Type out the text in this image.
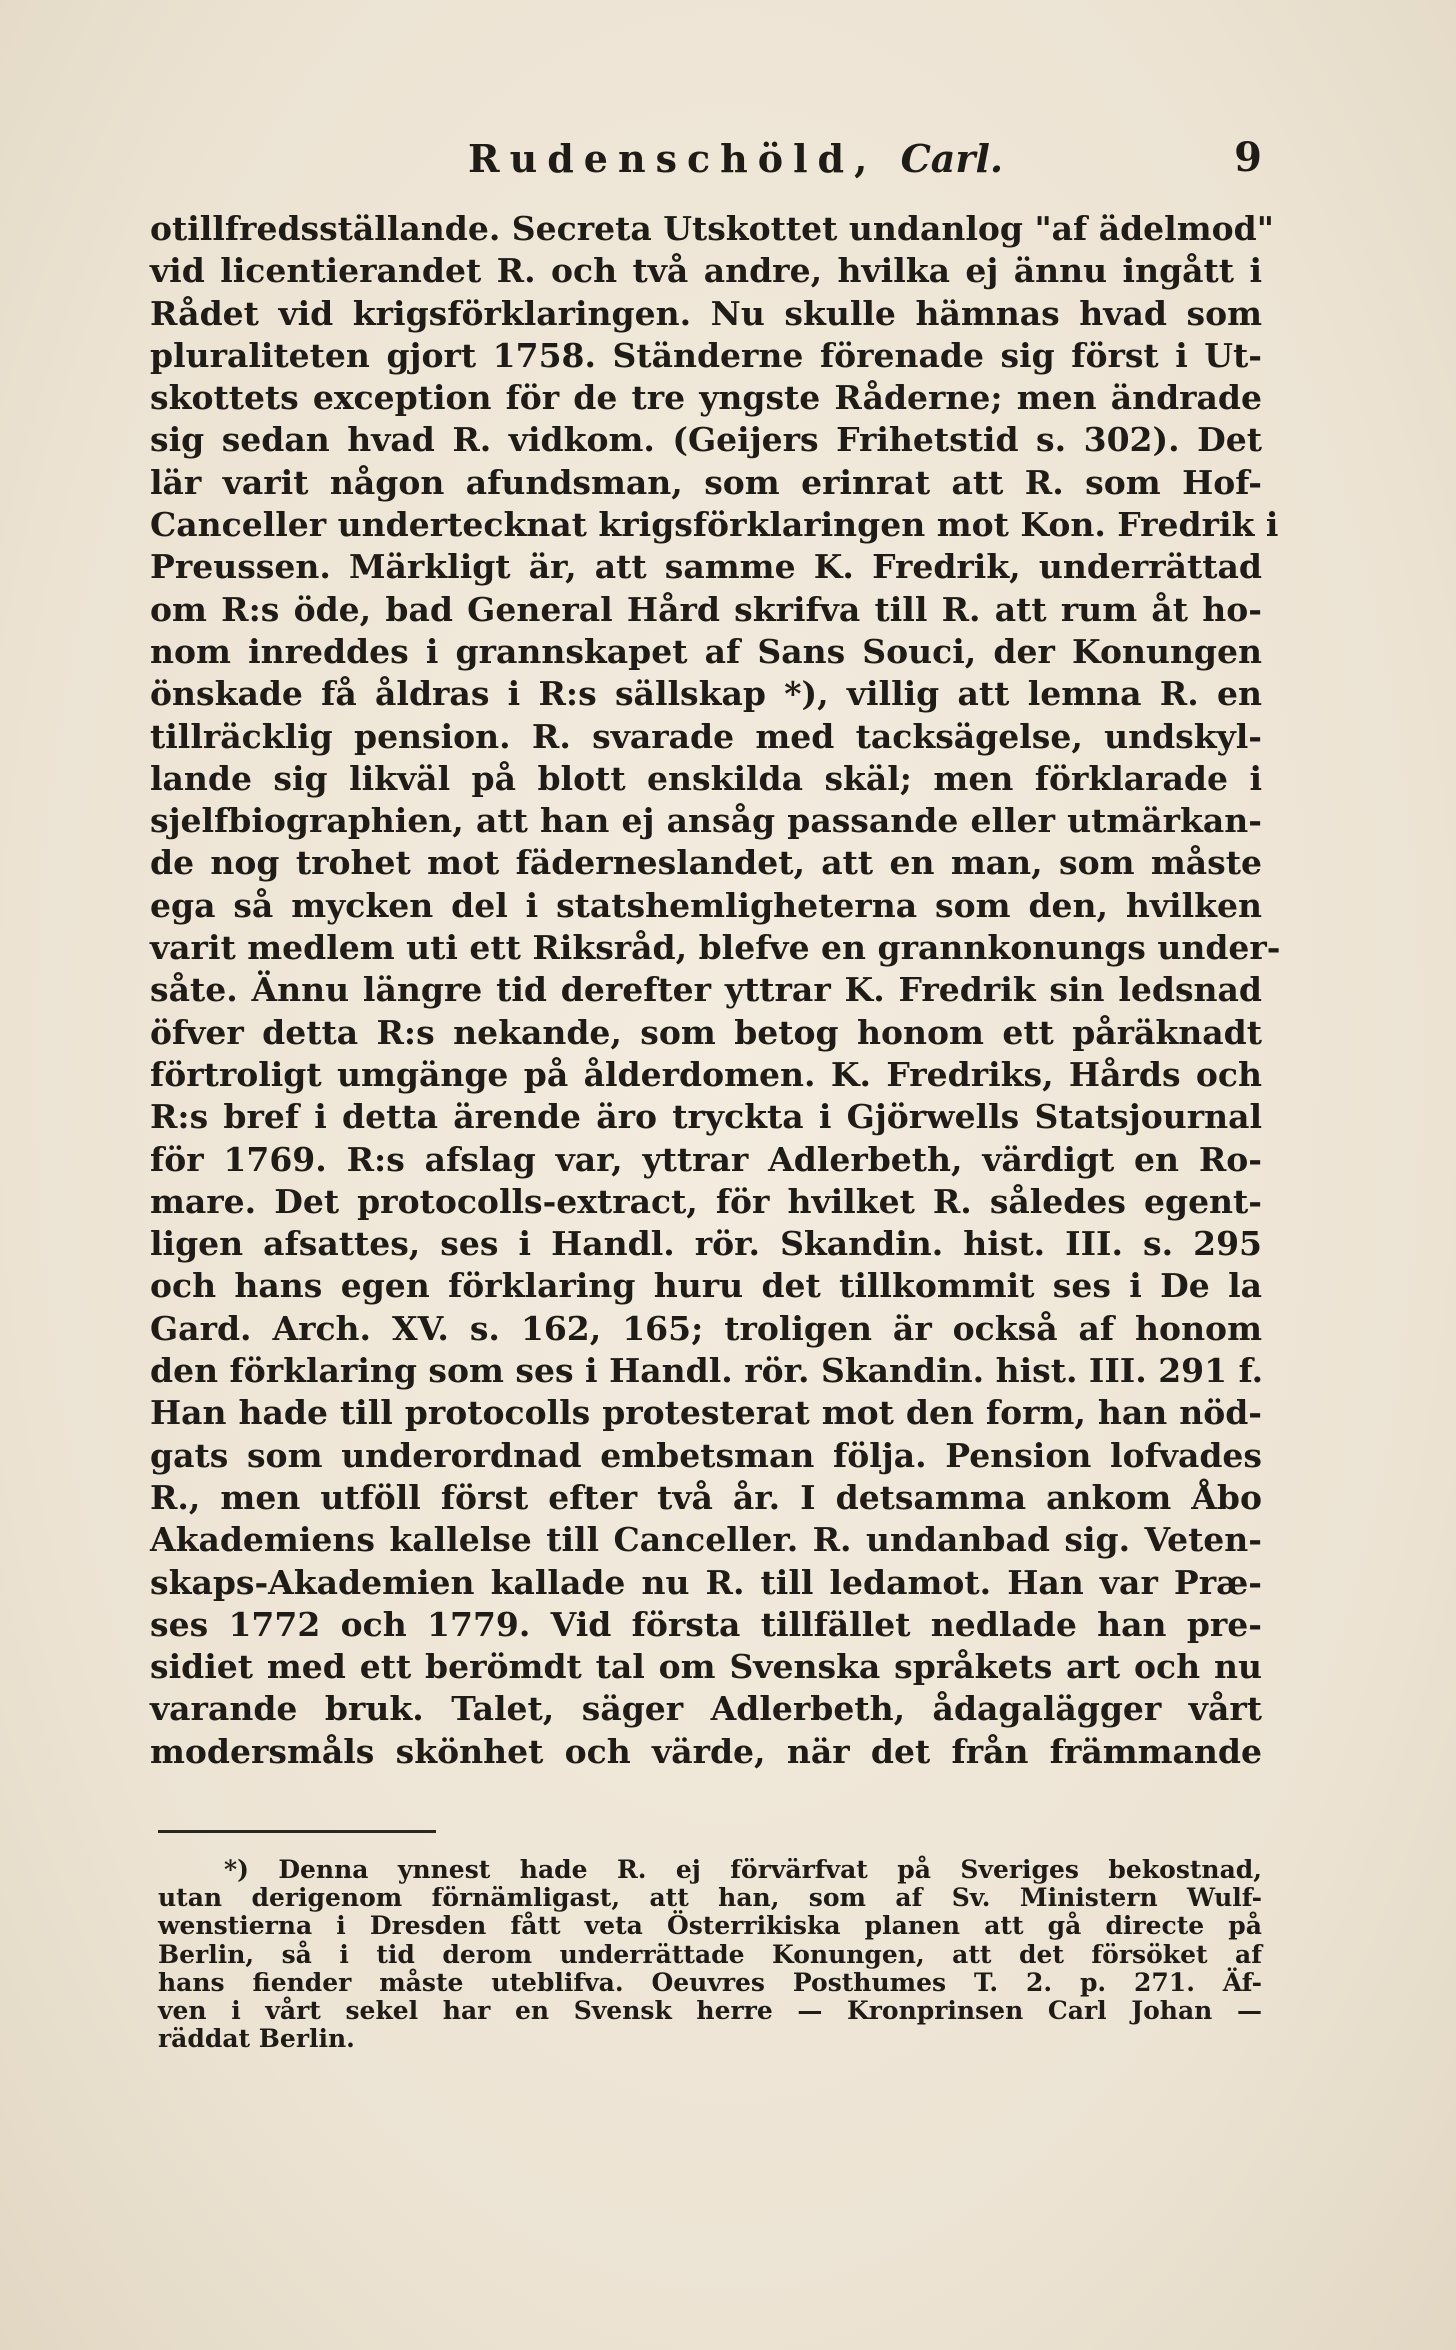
Rudenschöld, Carl.	9
otillfredsställande. Secreta Utskottet undanlog "af ädelmod"
vid licentierandet R. och två andre, hvilka ej ännu ingått i
Rådet vid krigsförklaringen. Nu skulle hämnas hvad som
pluraliteten gjort 1758. Ständerne förenade sig först i Ut-
skottets exception för de tre yngste Råderne; men ändrade
sig sedan hvad R. vidkom. (Geijers Frihetstid s. 302). Det
lär varit någon afundsman, som erinrat att R. som Hof-
Canceller undertecknat krigsförklaringen mot Kon. Fredrik i
Preussen. Märkligt är, att samme K. Fredrik, underrättad
om R:s öde, bad General Hård skrifva till R. att rum åt ho-
nom inreddes i grannskapet af Sans Souci, der Konungen
önskade få åldras i R:s sällskap *), villig att lemna R. en
tillräcklig pension. R. svarade med tacksägelse, undskyl-
lande sig likväl på blott enskilda skäl; men förklarade i
sjelfbiographien, att han ej ansåg passande eller utmärkan-
de nog trohet mot fäderneslandet, att en man, som måste
ega så mycken del i statshemligheterna som den, hvilken
varit medlem uti ett Riksråd, blefve en grannkonungs under-
såte. Ännu längre tid derefter yttrar K. Fredrik sin ledsnad
öfver detta R:s nekande, som betog honom ett påräknadt
förtroligt umgänge på ålderdomen. K. Fredriks, Hårds och
R:s bref i detta ärende äro tryckta i Gjörwells Statsjournal
för 1769. R:s afslag var, yttrar Adlerbeth, värdigt en Ro-
mare. Det protocolls-extract, för hvilket R. således egent-
ligen afsattes, ses i Handl. rör. Skandin. hist. III. s. 295
och hans egen förklaring huru det tillkommit ses i De la
Gard. Arch. XV. s. 162, 165; troligen är också af honom
den förklaring som ses i Handl. rör. Skandin. hist. III. 291 f.
Han hade till protocolls protesterat mot den form, han nöd-
gats som underordnad embetsman följa. Pension lofvades
R., men utföll först efter två år. I detsamma ankom Åbo
Akademiens kallelse till Canceller. R. undanbad sig. Veten-
skaps-Akademien kallade nu R. till ledamot. Han var Præ-
ses 1772 och 1779. Vid första tillfället nedlade han pre-
sidiet med ett berömdt tal om Svenska språkets art och nu
varande bruk. Talet, säger Adlerbeth, ådagalägger vårt
modersmåls skönhet och värde, när det från främmande
*) Denna ynnest hade R. ej förvärfvat på Sveriges bekostnad,
utan derigenom förnämligast, att han, som af Sv. Ministern Wulf-
wenstierna i Dresden fått veta Österrikiska planen att gå directe på
Berlin, så i tid derom underrättade Konungen, att det försöket af
hans fiender måste uteblifva. Oeuvres Posthumes T. 2. p. 271. Äf-
ven i vårt sekel har en Svensk herre — Kronprinsen Carl Johan —
räddat Berlin.
